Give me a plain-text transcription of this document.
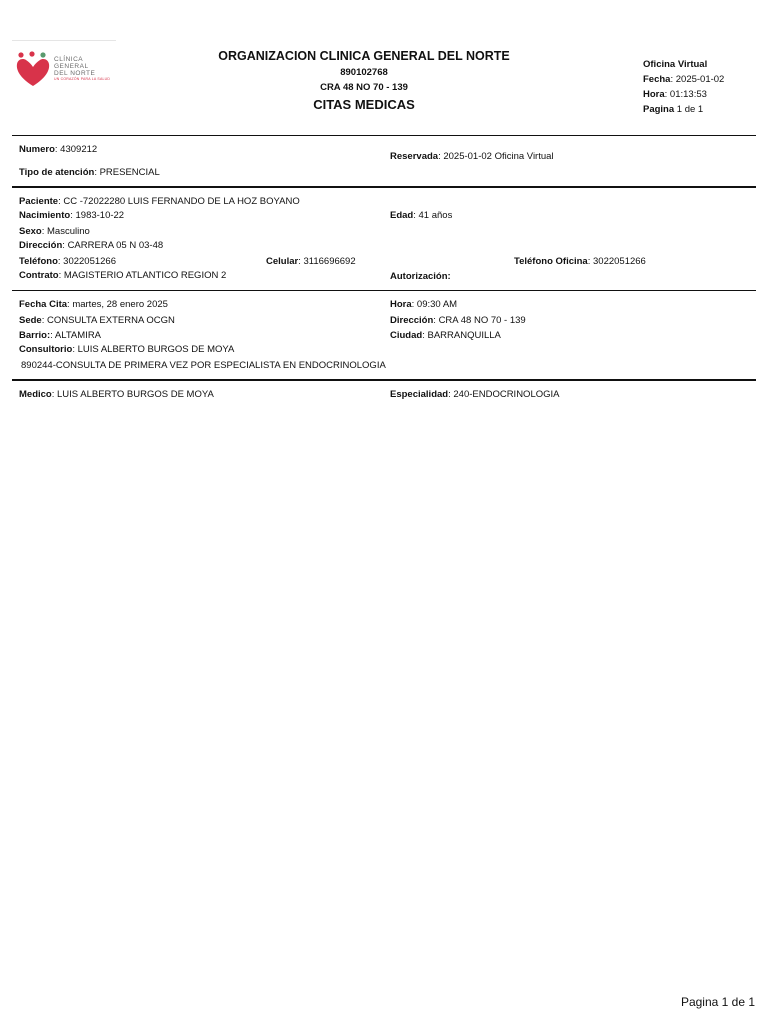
CLÍNICA
GENERAL
DEL NORTE
UN CORAZÓN PARA LA SALUD
ORGANIZACION CLINICA GENERAL DEL NORTE
890102768
CRA 48 NO 70 - 139
CITAS MEDICAS
Oficina Virtual
Fecha: 2025-01-02
Hora: 01:13:53
Pagina 1 de 1
Numero: 4309212
Reservada: 2025-01-02 Oficina Virtual
Tipo de atención: PRESENCIAL
Paciente: CC -72022280 LUIS FERNANDO DE LA HOZ BOYANO
Nacimiento: 1983-10-22	Edad: 41 años
Sexo: Masculino
Dirección: CARRERA 05 N 03-48
Teléfono: 3022051266	Celular: 3116696692	Teléfono Oficina: 3022051266
Contrato: MAGISTERIO ATLANTICO REGION 2	Autorización:
Fecha Cita: martes, 28 enero 2025	Hora: 09:30 AM
Sede: CONSULTA EXTERNA OCGN	Dirección: CRA 48 NO 70 - 139
Barrio:: ALTAMIRA	Ciudad: BARRANQUILLA
Consultorio: LUIS ALBERTO BURGOS DE MOYA
890244-CONSULTA DE PRIMERA VEZ POR ESPECIALISTA EN ENDOCRINOLOGIA
Medico: LUIS ALBERTO BURGOS DE MOYA	Especialidad: 240-ENDOCRINOLOGIA
Pagina 1 de 1
